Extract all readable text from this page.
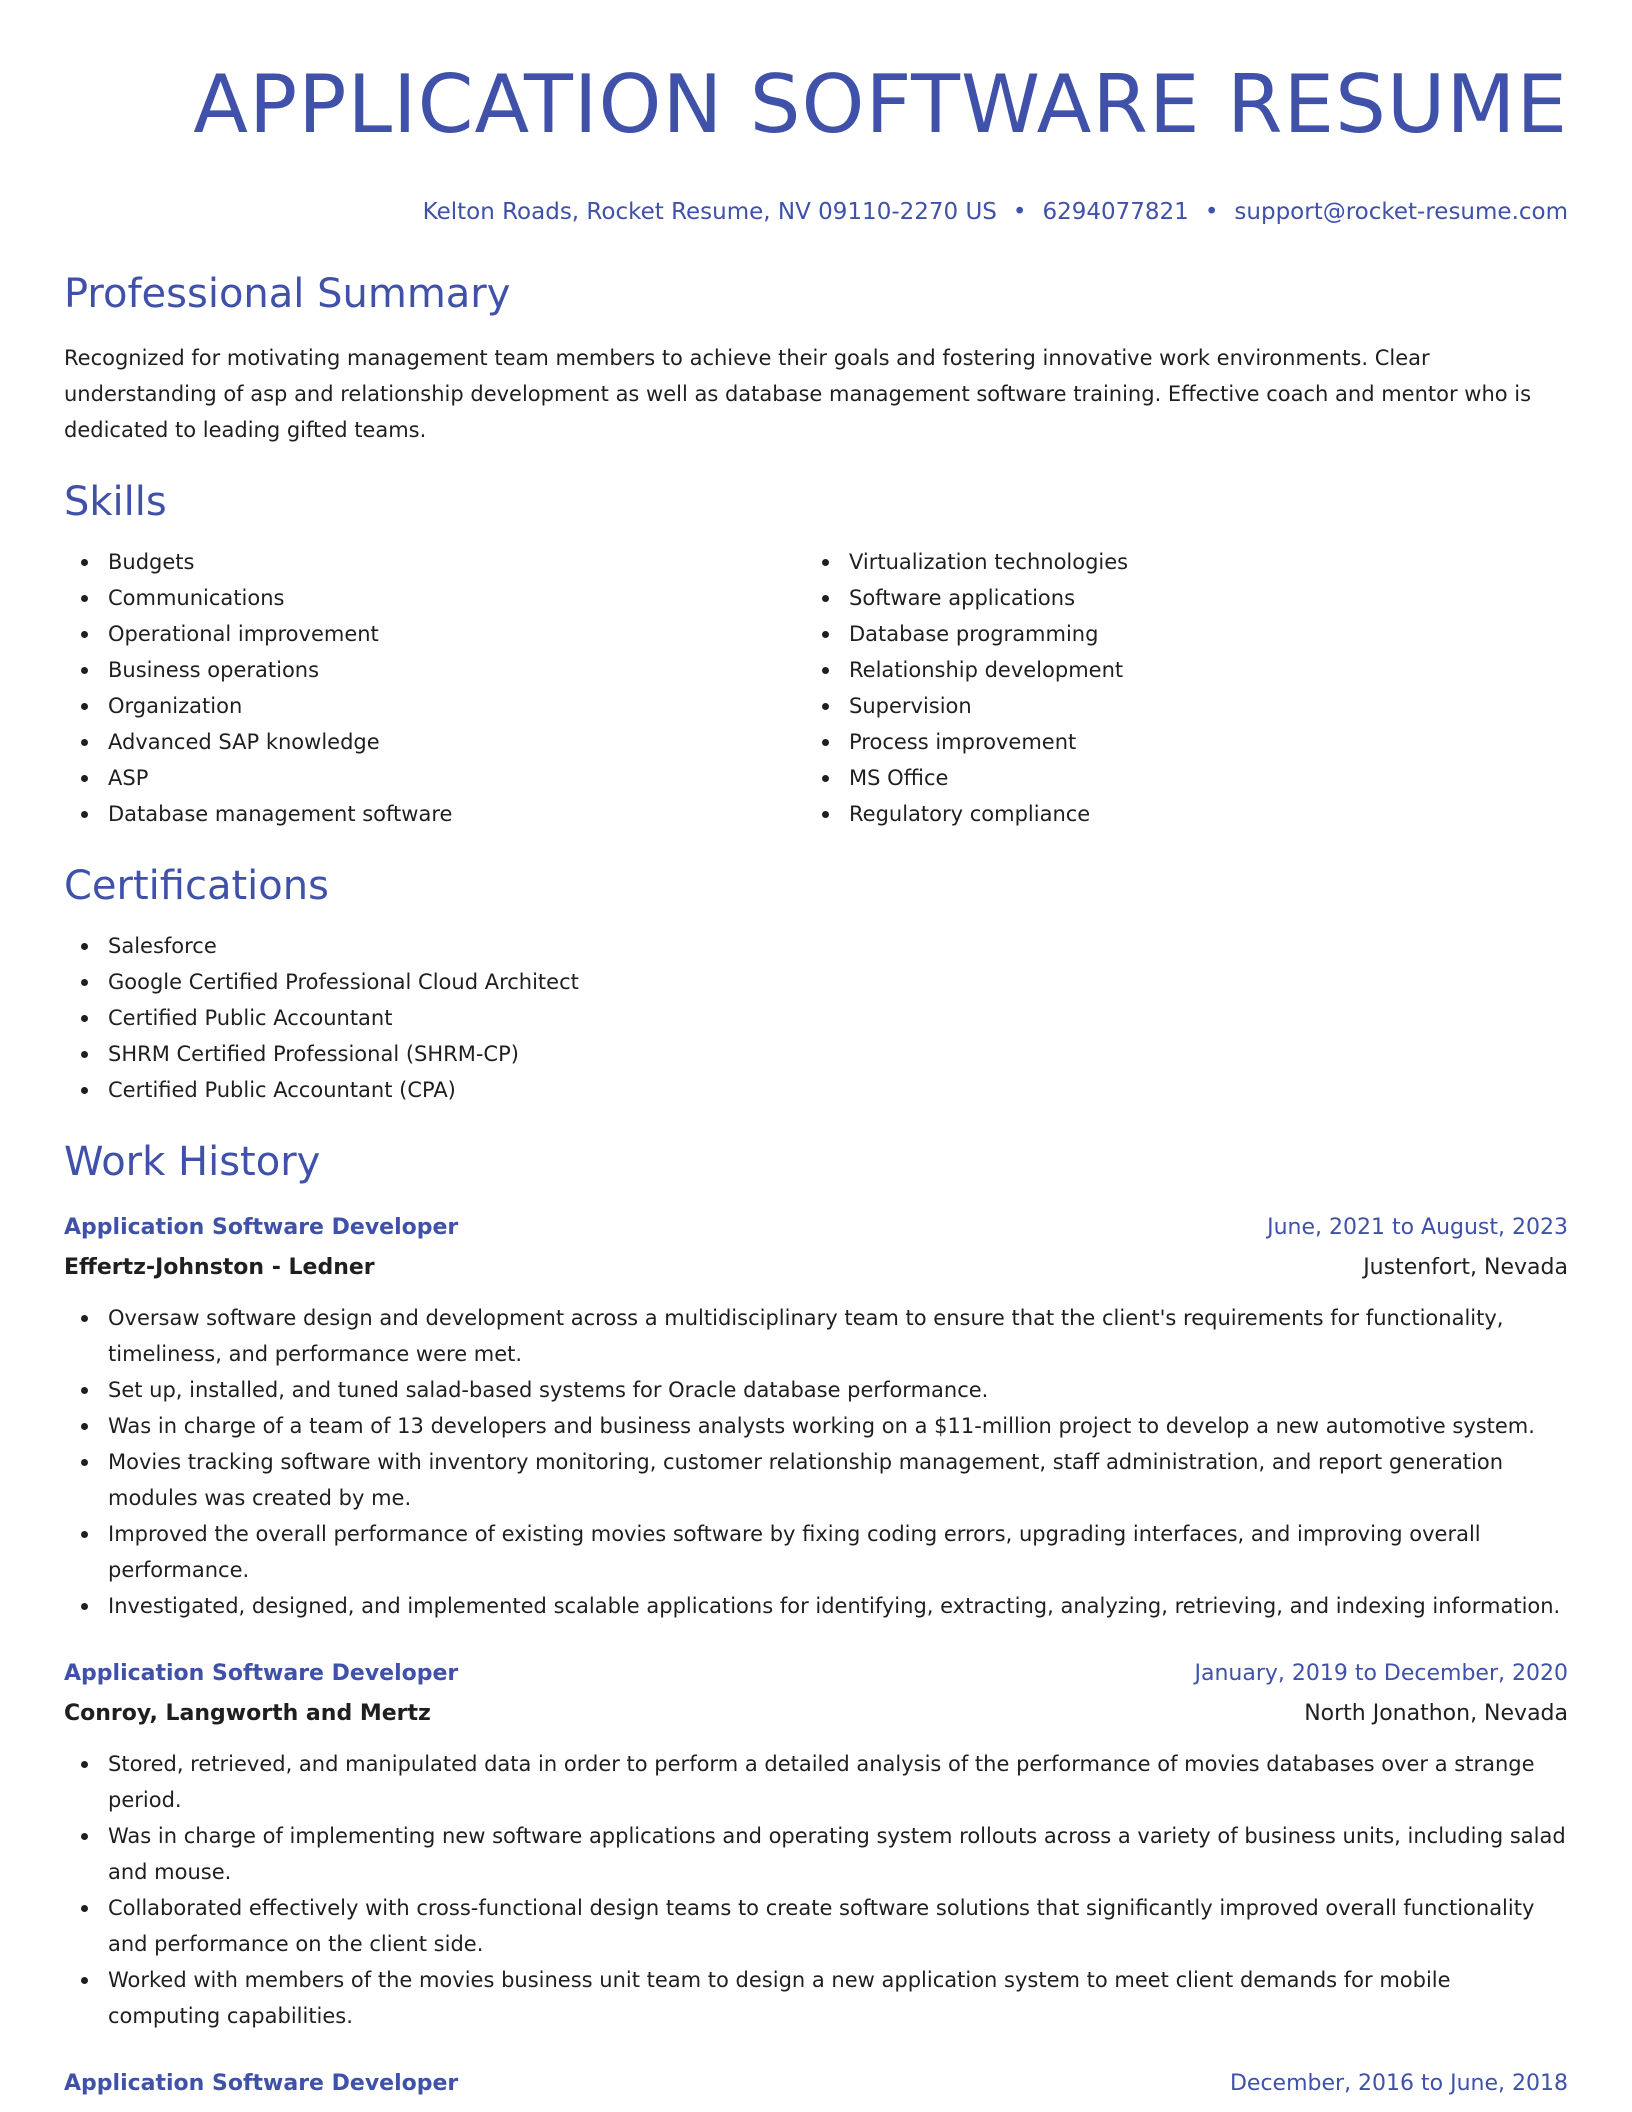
APPLICATION SOFTWARE RESUME
Kelton Roads, Rocket Resume, NV 09110-2270 US • 6294077821 • support@rocket-resume.com
Professional Summary

Recognized for motivating management team members to achieve their goals and fostering innovative work environments. Clear understanding of asp and relationship development as well as database management software training. Effective coach and mentor who is dedicated to leading gifted teams.

Skills
Budgets
Communications
Operational improvement
Business operations
Organization
Advanced SAP knowledge
ASP
Database management software
Virtualization technologies
Software applications
Database programming
Relationship development
Supervision
Process improvement
MS Office
Regulatory compliance
Certifications
Salesforce
Google Certified Professional Cloud Architect
Certified Public Accountant
SHRM Certified Professional (SHRM-CP)
Certified Public Accountant (CPA)
Work History
Application Software Developer	June, 2021 to August, 2023
Effertz-Johnston - Ledner	Justenfort, Nevada
Oversaw software design and development across a multidisciplinary team to ensure that the client's requirements for functionality, timeliness, and performance were met.
Set up, installed, and tuned salad-based systems for Oracle database performance.
Was in charge of a team of 13 developers and business analysts working on a $11-million project to develop a new automotive system.
Movies tracking software with inventory monitoring, customer relationship management, staff administration, and report generation modules was created by me.
Improved the overall performance of existing movies software by fixing coding errors, upgrading interfaces, and improving overall performance.
Investigated, designed, and implemented scalable applications for identifying, extracting, analyzing, retrieving, and indexing information.
Application Software Developer	January, 2019 to December, 2020
Conroy, Langworth and Mertz	North Jonathon, Nevada
Stored, retrieved, and manipulated data in order to perform a detailed analysis of the performance of movies databases over a strange period.
Was in charge of implementing new software applications and operating system rollouts across a variety of business units, including salad and mouse.
Collaborated effectively with cross-functional design teams to create software solutions that significantly improved overall functionality and performance on the client side.
Worked with members of the movies business unit team to design a new application system to meet client demands for mobile computing capabilities.
Application Software Developer	December, 2016 to June, 2018
